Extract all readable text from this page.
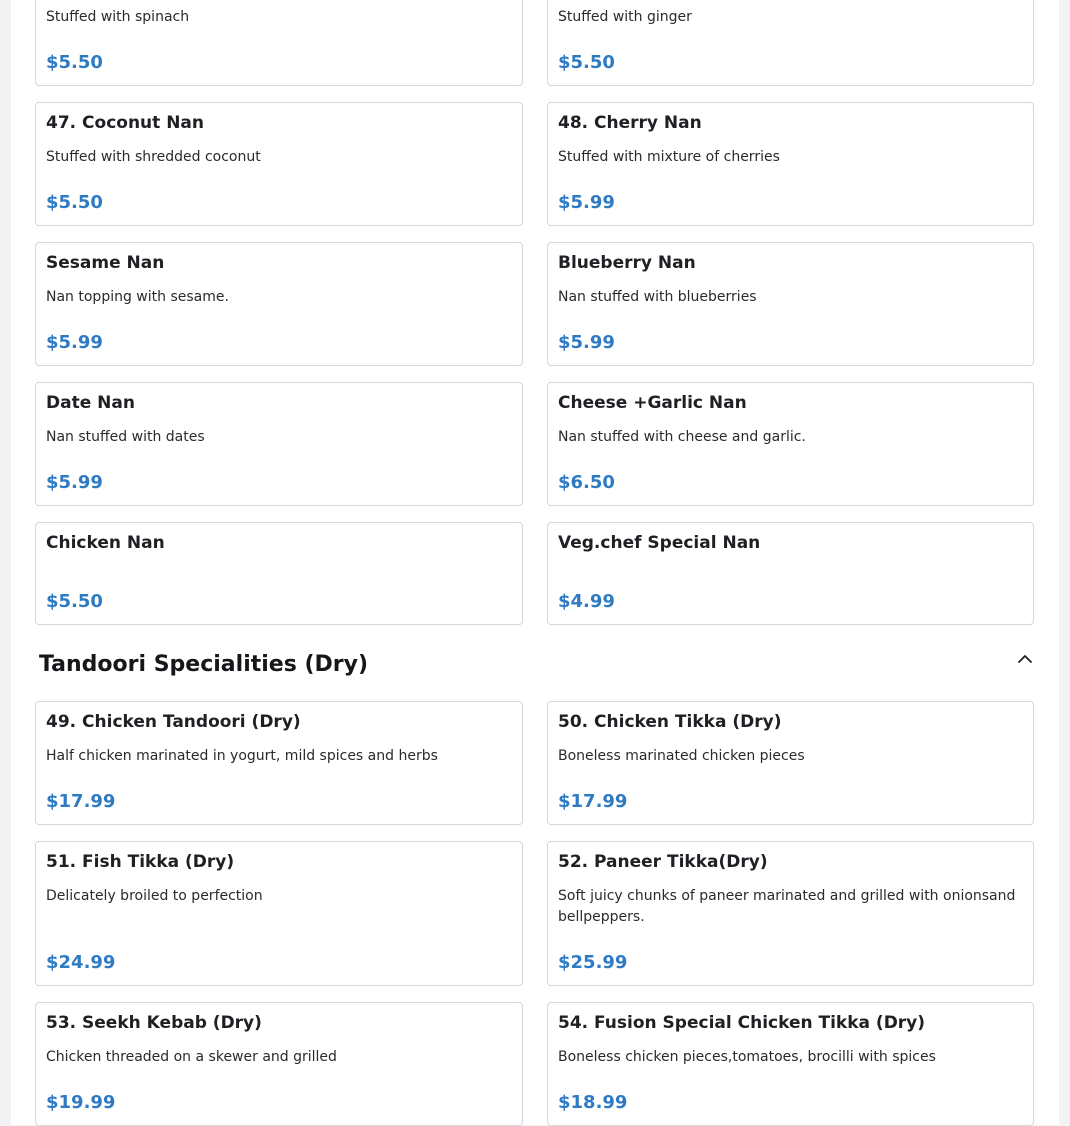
Stuffed with spinach
$5.50
Stuffed with ginger
$5.50
47. Coconut Nan
Stuffed with shredded coconut
$5.50
48. Cherry Nan
Stuffed with mixture of cherries
$5.99
Sesame Nan
Nan topping with sesame.
$5.99
Blueberry Nan
Nan stuffed with blueberries
$5.99
Date Nan
Nan stuffed with dates
$5.99
Cheese +Garlic Nan
Nan stuffed with cheese and garlic.
$6.50
Chicken Nan
$5.50
Veg.chef Special Nan
$4.99
Tandoori Specialities (Dry)
49. Chicken Tandoori (Dry)
Half chicken marinated in yogurt, mild spices and herbs
$17.99
50. Chicken Tikka (Dry)
Boneless marinated chicken pieces
$17.99
51. Fish Tikka (Dry)
Delicately broiled to perfection
$24.99
52. Paneer Tikka(Dry)
Soft juicy chunks of paneer marinated and grilled with onionsand bellpeppers.
$25.99
53. Seekh Kebab (Dry)
Chicken threaded on a skewer and grilled
$19.99
54. Fusion Special Chicken Tikka (Dry)
Boneless chicken pieces,tomatoes, brocilli with spices
$18.99
